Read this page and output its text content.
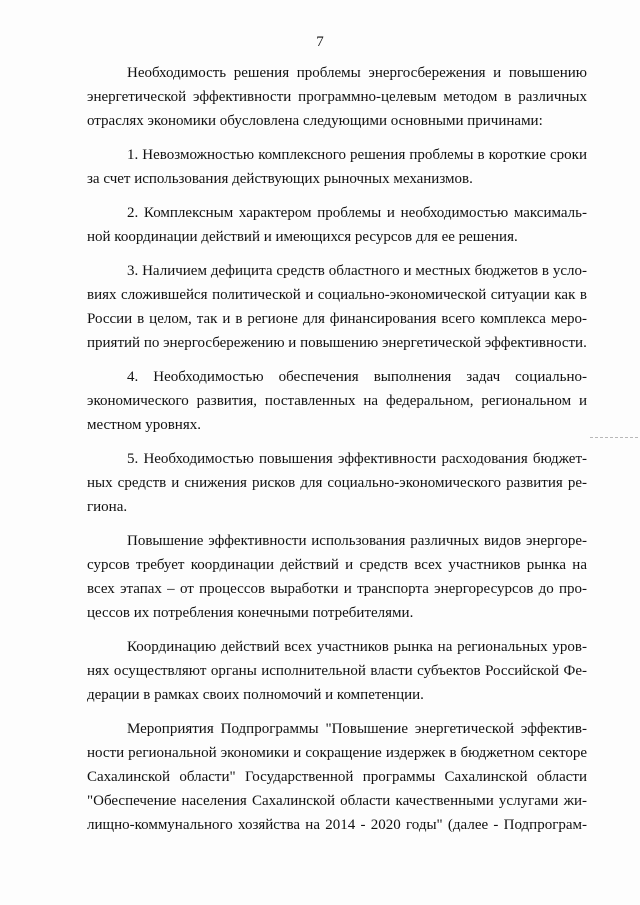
7

Необходимость решения проблемы энергосбережения и повышению
энергетической эффективности программно-целевым методом в различных
отраслях экономики обусловлена следующими основными причинами:

1. Невозможностью комплексного решения проблемы в короткие сроки
за счет использования действующих рыночных механизмов.

2. Комплексным характером проблемы и необходимостью максималь-
ной координации действий и имеющихся ресурсов для ее решения.

3. Наличием дефицита средств областного и местных бюджетов в усло-
виях сложившейся политической и социально-экономической ситуации как в
России в целом, так и в регионе для финансирования всего комплекса меро-
приятий по энергосбережению и повышению энергетической эффективности.

4. Необходимостью обеспечения выполнения задач социально-
экономического развития, поставленных на федеральном, региональном и
местном уровнях.

5. Необходимостью повышения эффективности расходования бюджет-
ных средств и снижения рисков для социально-экономического развития ре-
гиона.

Повышение эффективности использования различных видов энергоре-
сурсов требует координации действий и средств всех участников рынка на
всех этапах – от процессов выработки и транспорта энергоресурсов до про-
цессов их потребления конечными потребителями.

Координацию действий всех участников рынка на региональных уров-
нях осуществляют органы исполнительной власти субъектов Российской Фе-
дерации в рамках своих полномочий и компетенции.

Мероприятия Подпрограммы "Повышение энергетической эффектив-
ности региональной экономики и сокращение издержек в бюджетном секторе
Сахалинской области" Государственной программы Сахалинской области
"Обеспечение населения Сахалинской области качественными услугами жи-
лищно-коммунального хозяйства на 2014 - 2020 годы" (далее - Подпрограм-
